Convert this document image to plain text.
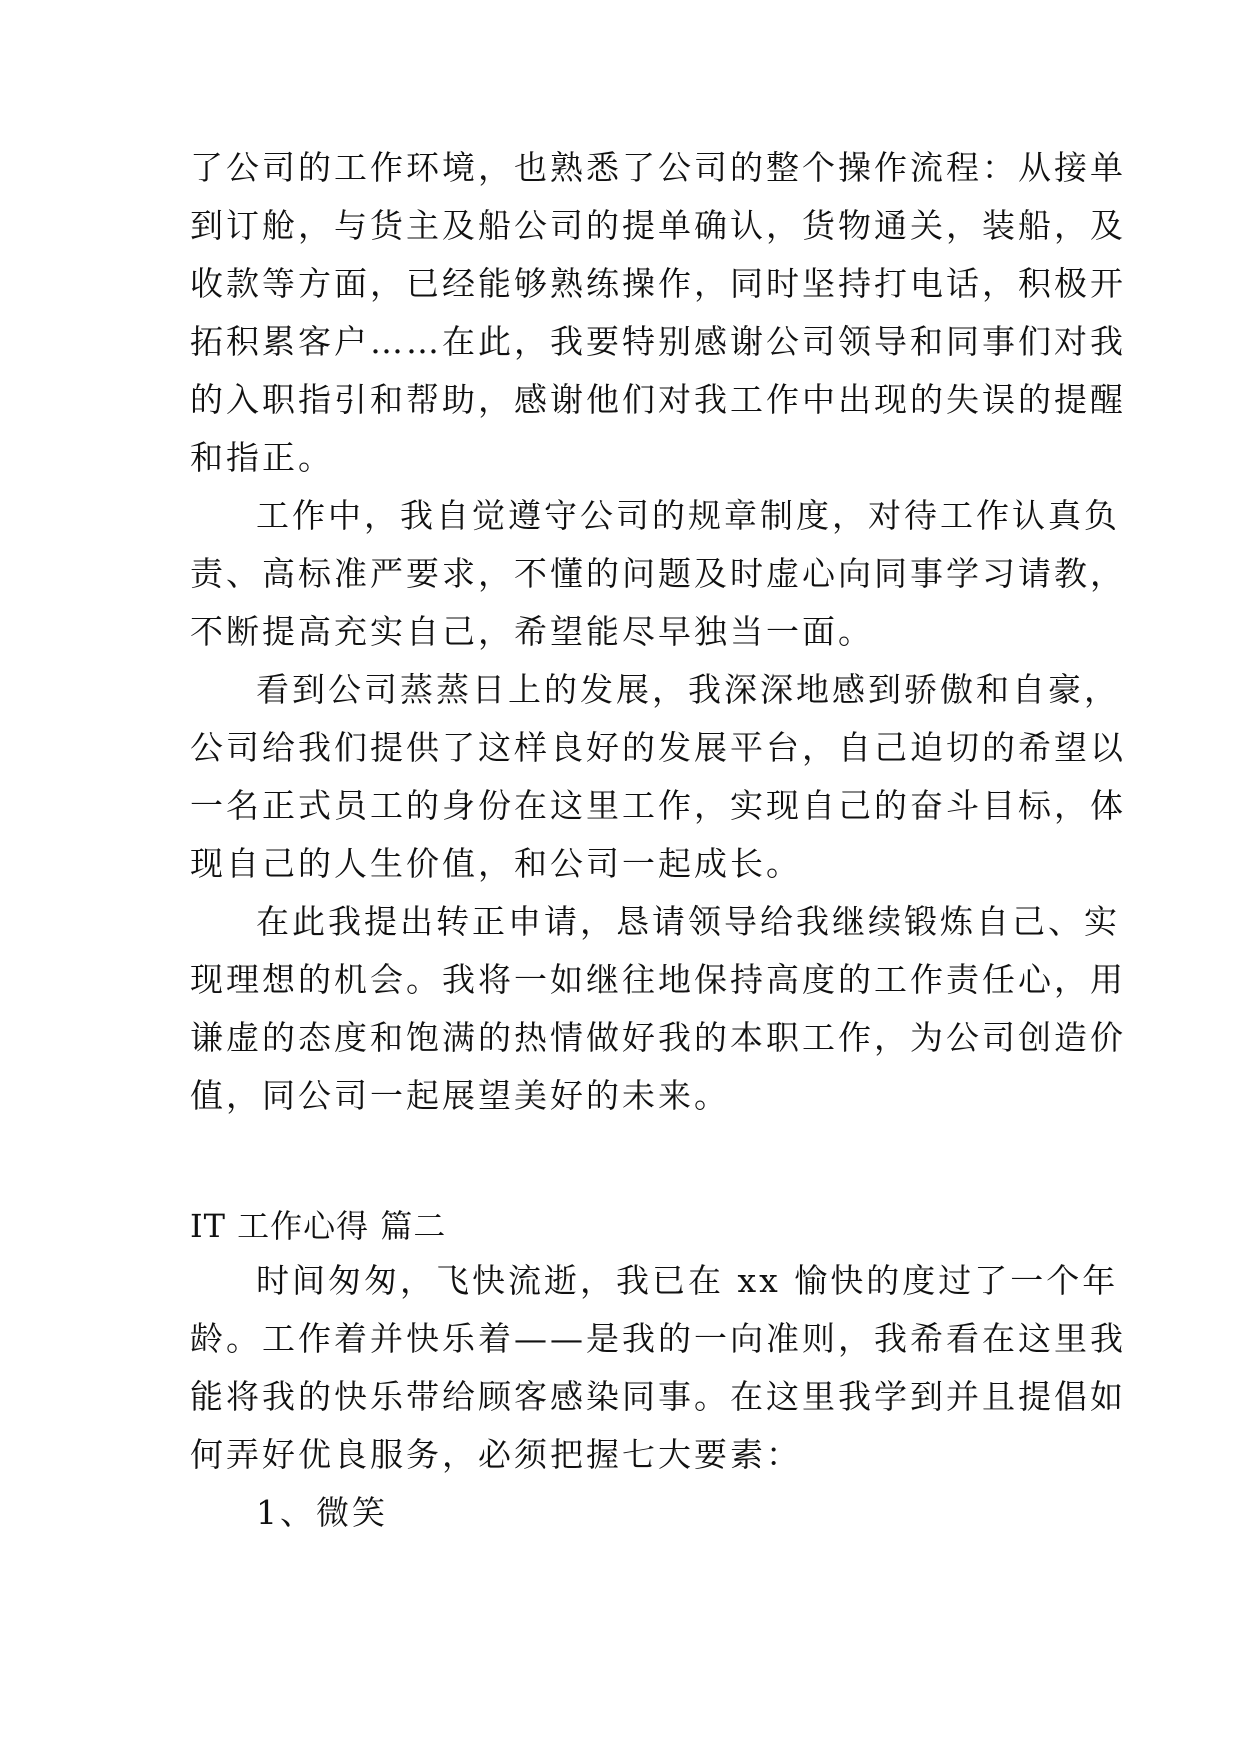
了公司的工作环境，也熟悉了公司的整个操作流程：从接单
到订舱，与货主及船公司的提单确认，货物通关，装船，及
收款等方面，已经能够熟练操作，同时坚持打电话，积极开
拓积累客户……在此，我要特别感谢公司领导和同事们对我
的入职指引和帮助，感谢他们对我工作中出现的失误的提醒
和指正。
工作中，我自觉遵守公司的规章制度，对待工作认真负
责、高标准严要求，不懂的问题及时虚心向同事学习请教，
不断提高充实自己，希望能尽早独当一面。
看到公司蒸蒸日上的发展，我深深地感到骄傲和自豪，
公司给我们提供了这样良好的发展平台，自己迫切的希望以
一名正式员工的身份在这里工作，实现自己的奋斗目标，体
现自己的人生价值，和公司一起成长。
在此我提出转正申请，恳请领导给我继续锻炼自己、实
现理想的机会。我将一如继往地保持高度的工作责任心，用
谦虚的态度和饱满的热情做好我的本职工作，为公司创造价
值，同公司一起展望美好的未来。
IT 工作心得 篇二
时间匆匆，飞快流逝，我已在 xx 愉快的度过了一个年
龄。工作着并快乐着——是我的一向准则，我希看在这里我
能将我的快乐带给顾客感染同事。在这里我学到并且提倡如
何弄好优良服务，必须把握七大要素：
1、微笑
